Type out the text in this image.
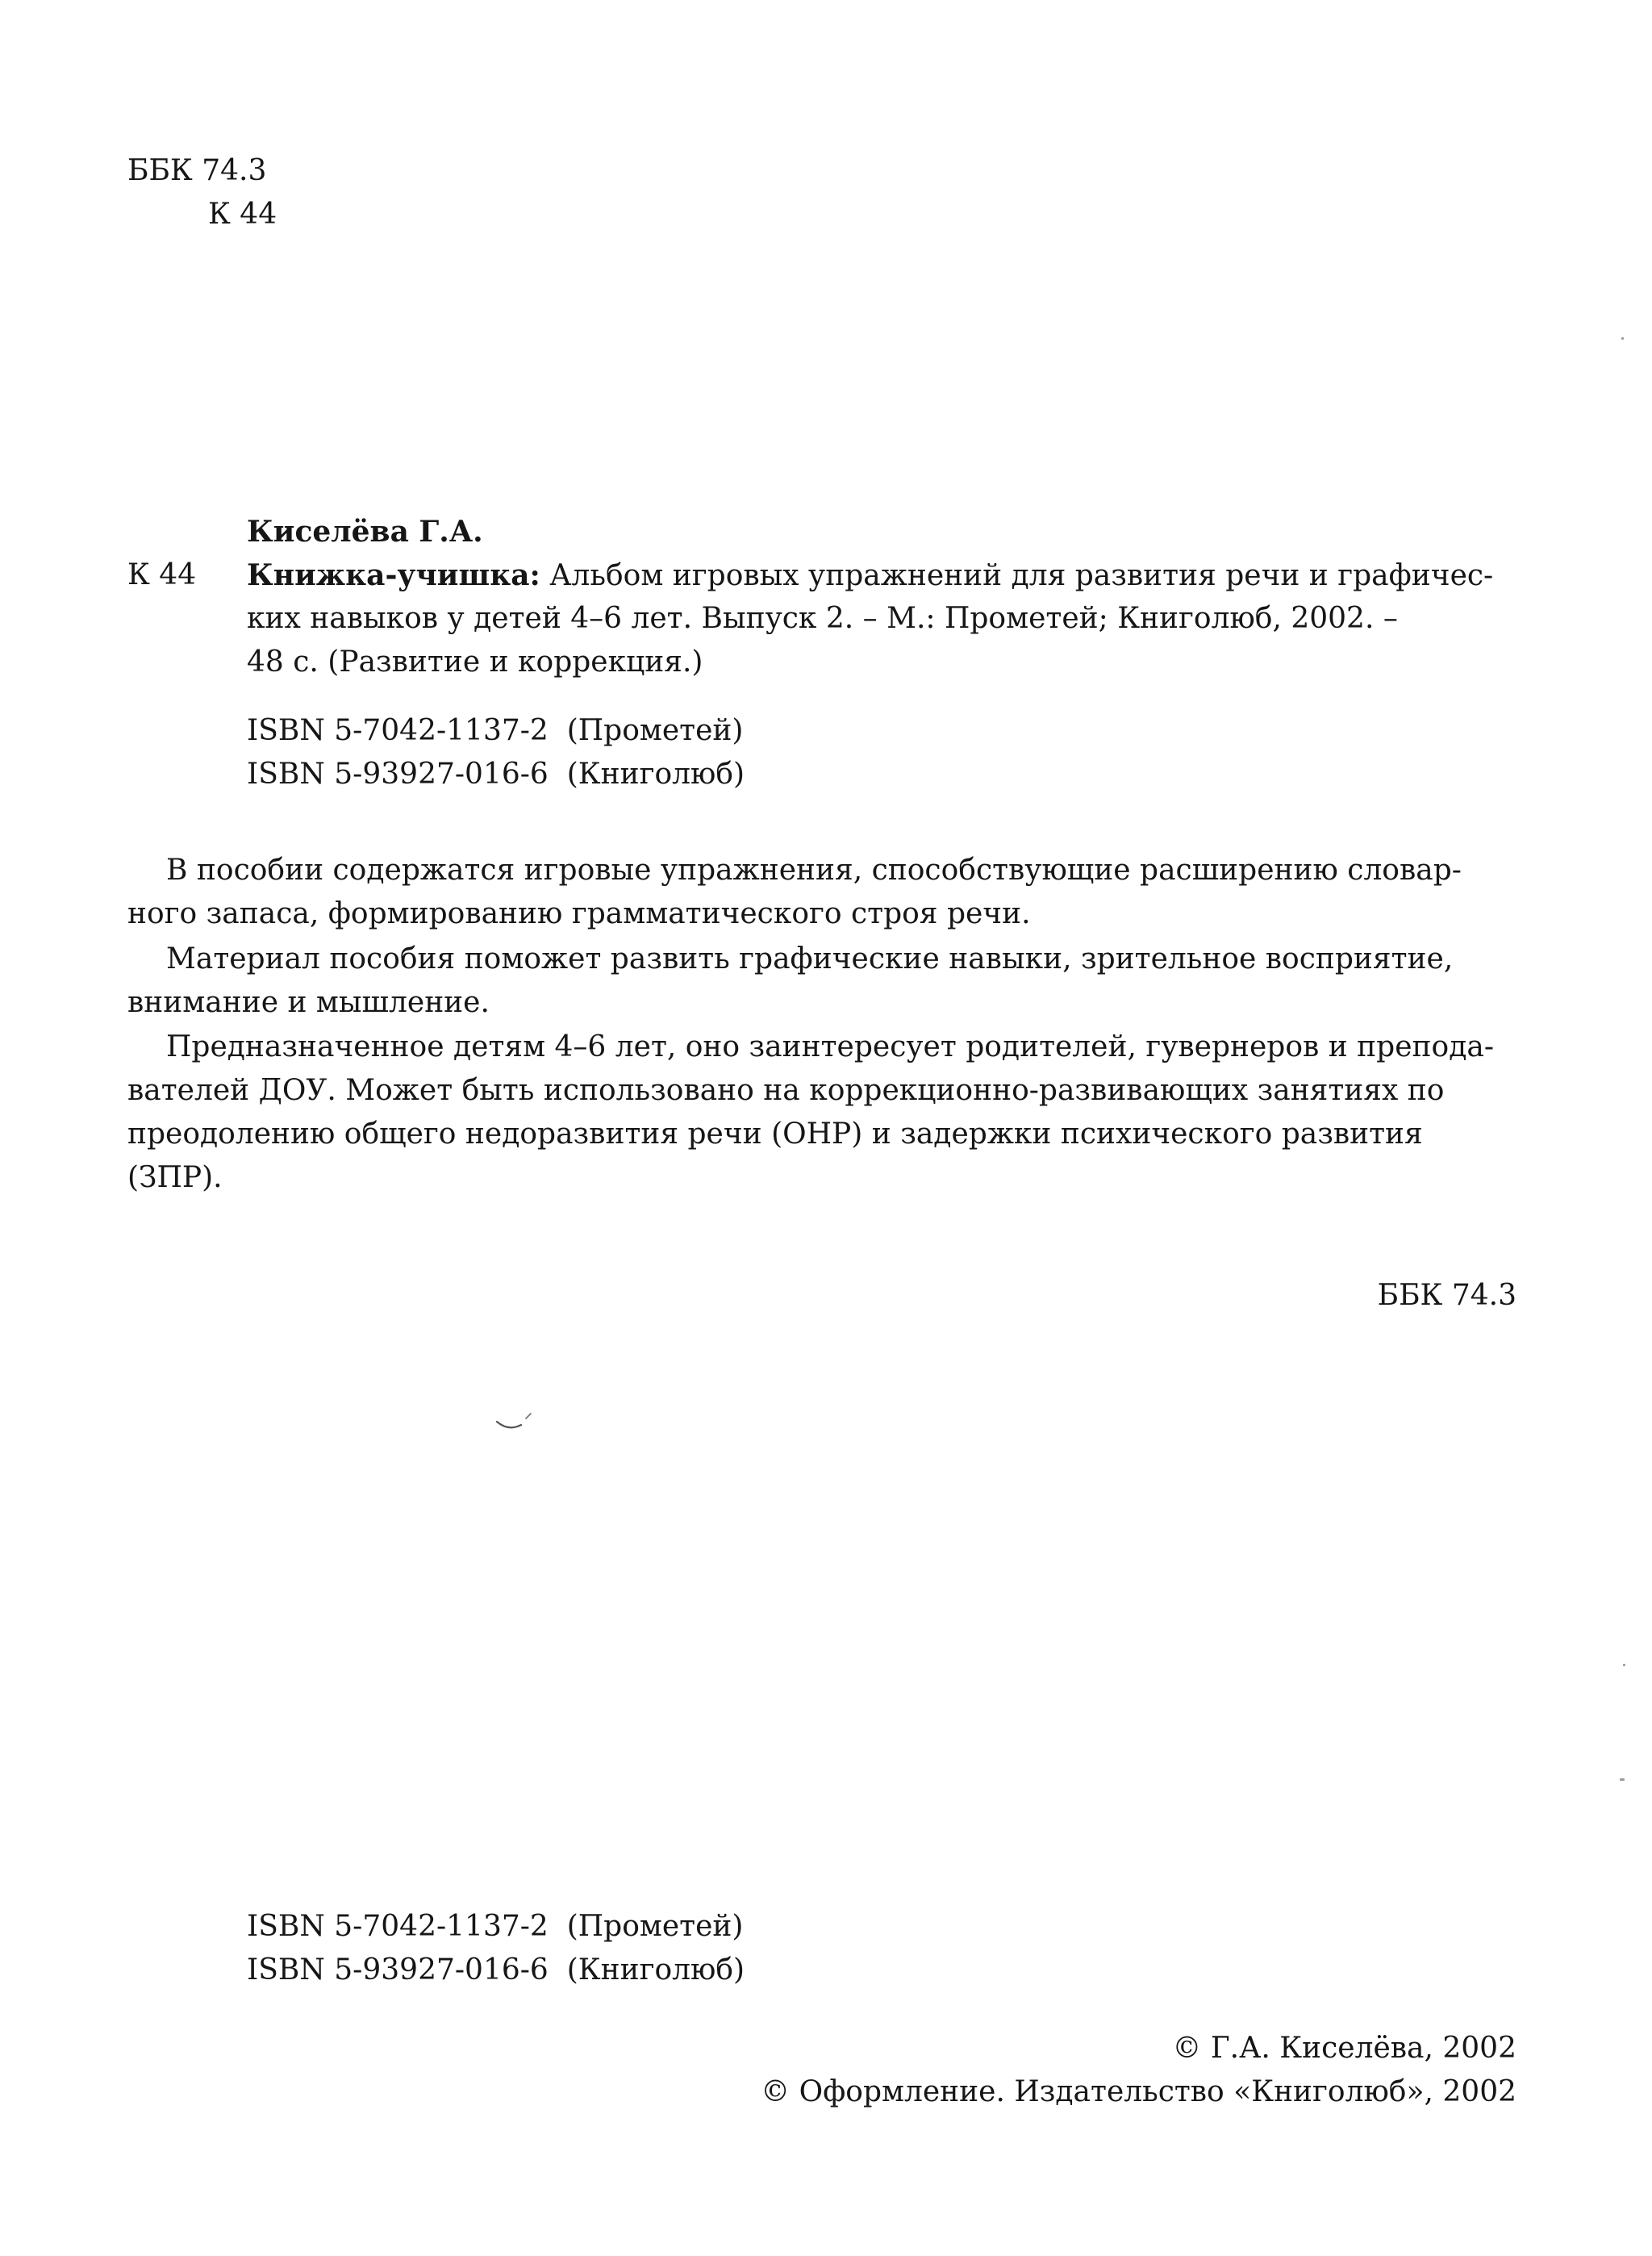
ББК 74.3
К 44
Киселёва Г.А.
К 44 Книжка-учишка: Альбом игровых упражнений для развития речи и графичес-
ких навыков у детей 4–6 лет. Выпуск 2. – М.: Прометей; Книголюб, 2002. –
48 с. (Развитие и коррекция.)
ISBN 5-7042-1137-2 (Прометей)
ISBN 5-93927-016-6 (Книголюб)
В пособии содержатся игровые упражнения, способствующие расширению словар-
ного запаса, формированию грамматического строя речи.
Материал пособия поможет развить графические навыки, зрительное восприятие,
внимание и мышление.
Предназначенное детям 4–6 лет, оно заинтересует родителей, гувернеров и препода-
вателей ДОУ. Может быть использовано на коррекционно-развивающих занятиях по
преодолению общего недоразвития речи (ОНР) и задержки психического развития
(ЗПР).
ББК 74.3
ISBN 5-7042-1137-2 (Прометей)
ISBN 5-93927-016-6 (Книголюб)
© Г.А. Киселёва, 2002
© Оформление. Издательство «Книголюб», 2002
